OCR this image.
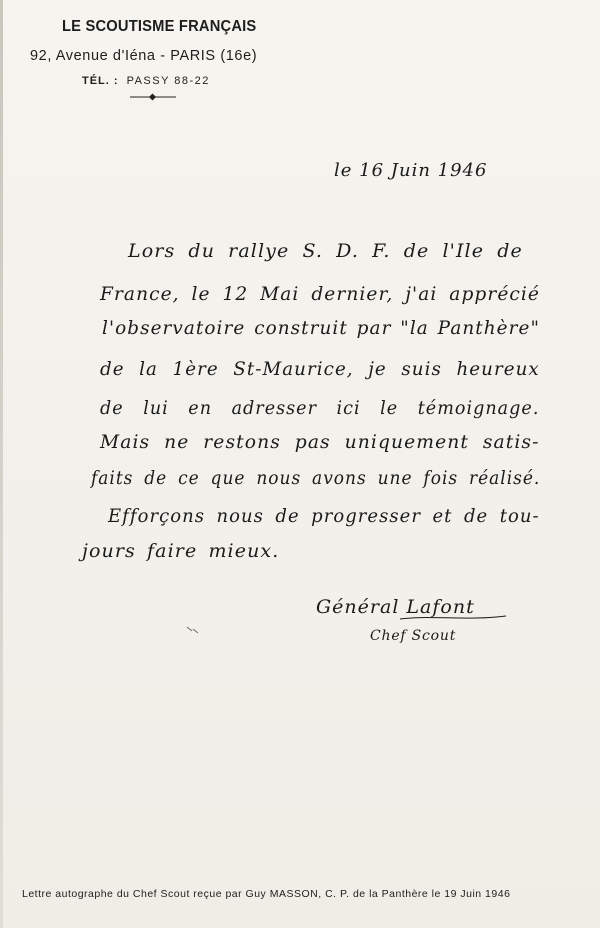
LE SCOUTISME FRANÇAIS
92, Avenue d'Iéna - PARIS (16e)
TÉL. : PASSY 88-22
le 16 Juin 1946
Lors du rallye S. D. F. de l'Ile de
France, le 12 Mai dernier, j'ai apprécié
l'observatoire construit par "la Panthère"
de la 1ère St-Maurice, je suis heureux
de lui en adresser ici le témoignage.
Mais ne restons pas uniquement satis-
faits de ce que nous avons une fois réalisé.
Efforçons nous de progresser et de tou-
jours faire mieux.
Général Lafont
Chef Scout
Lettre autographe du Chef Scout reçue par Guy MASSON, C. P. de la Panthère le 19 Juin 1946
